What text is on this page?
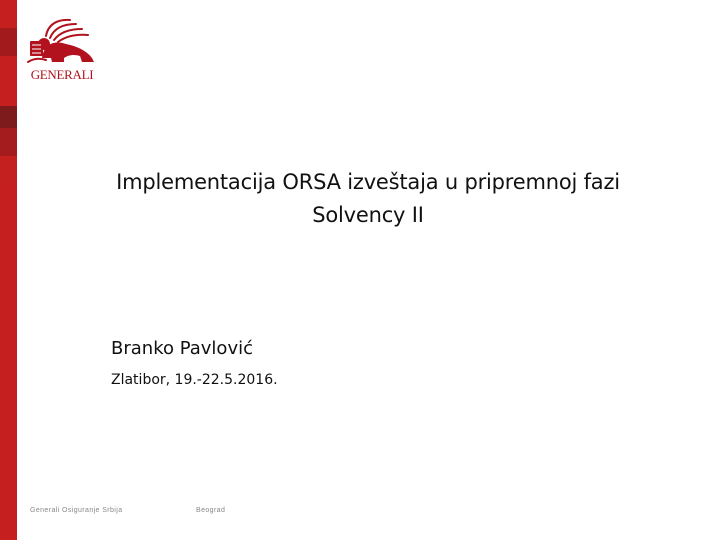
GENERALI
Implementacija ORSA izveštaja u pripremnoj fazi
Solvency II
Branko Pavlović
Zlatibor, 19.-22.5.2016.
Generali Osiguranje Srbija	Beograd
